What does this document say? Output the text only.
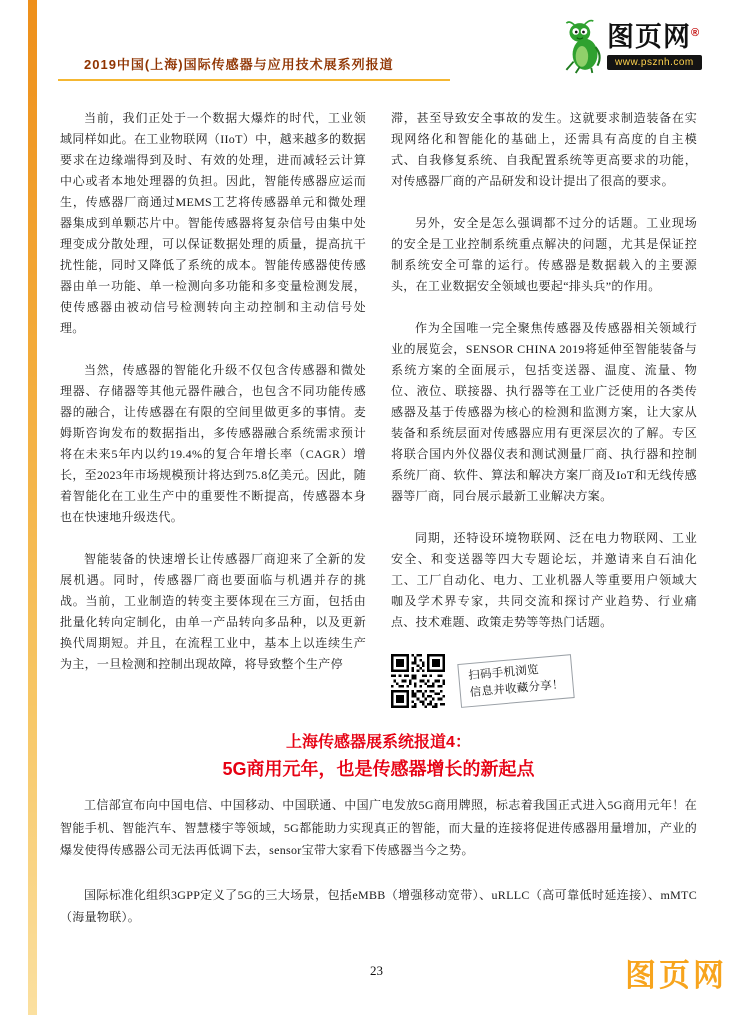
2019中国(上海)国际传感器与应用技术展系列报道
图页网®
www.psznh.com

当前，我们正处于一个数据大爆炸的时代，工业领域同样如此。在工业物联网（IIoT）中，越来越多的数据要求在边缘端得到及时、有效的处理，进而减轻云计算中心或者本地处理器的负担。因此，智能传感器应运而生，传感器厂商通过MEMS工艺将传感器单元和微处理器集成到单颗芯片中。智能传感器将复杂信号由集中处理变成分散处理，可以保证数据处理的质量，提高抗干扰性能，同时又降低了系统的成本。智能传感器使传感器由单一功能、单一检测向多功能和多变量检测发展，使传感器由被动信号检测转向主动控制和主动信号处理。

当然，传感器的智能化升级不仅包含传感器和微处理器、存储器等其他元器件融合，也包含不同功能传感器的融合，让传感器在有限的空间里做更多的事情。麦姆斯咨询发布的数据指出，多传感器融合系统需求预计将在未来5年内以约19.4%的复合年增长率（CAGR）增长，至2023年市场规模预计将达到75.8亿美元。因此，随着智能化在工业生产中的重要性不断提高，传感器本身也在快速地升级迭代。

智能装备的快速增长让传感器厂商迎来了全新的发展机遇。同时，传感器厂商也要面临与机遇并存的挑战。当前，工业制造的转变主要体现在三方面，包括由批量化转向定制化，由单一产品转向多品种，以及更新换代周期短。并且，在流程工业中，基本上以连续生产为主，一旦检测和控制出现故障，将导致整个生产停

滞，甚至导致安全事故的发生。这就要求制造装备在实现网络化和智能化的基础上，还需具有高度的自主模式、自我修复系统、自我配置系统等更高要求的功能，对传感器厂商的产品研发和设计提出了很高的要求。

另外，安全是怎么强调都不过分的话题。工业现场的安全是工业控制系统重点解决的问题，尤其是保证控制系统安全可靠的运行。传感器是数据载入的主要源头，在工业数据安全领域也要起“排头兵”的作用。

作为全国唯一完全聚焦传感器及传感器相关领域行业的展览会，SENSOR CHINA 2019将延伸至智能装备与系统方案的全面展示，包括变送器、温度、流量、物位、液位、联接器、执行器等在工业广泛使用的各类传感器及基于传感器为核心的检测和监测方案，让大家从装备和系统层面对传感器应用有更深层次的了解。专区将联合国内外仪器仪表和测试测量厂商、执行器和控制系统厂商、软件、算法和解决方案厂商及IoT和无线传感器等厂商，同台展示最新工业解决方案。

同期，还特设环境物联网、泛在电力物联网、工业安全、和变送器等四大专题论坛，并邀请来自石油化工、工厂自动化、电力、工业机器人等重要用户领域大咖及学术界专家，共同交流和探讨产业趋势、行业痛点、技术难题、政策走势等等热门话题。

扫码手机浏览
信息并收藏分享！
上海传感器展系统报道4：
5G商用元年，也是传感器增长的新起点

工信部宣布向中国电信、中国移动、中国联通、中国广电发放5G商用牌照，标志着我国正式进入5G商用元年！在智能手机、智能汽车、智慧楼宇等领域，5G都能助力实现真正的智能，而大量的连接将促进传感器用量增加，产业的爆发使得传感器公司无法再低调下去，sensor宝带大家看下传感器当今之势。

国际标准化组织3GPP定义了5G的三大场景，包括eMBB（增强移动宽带）、uRLLC（高可靠低时延连接）、mMTC（海量物联）。

23	图页网
